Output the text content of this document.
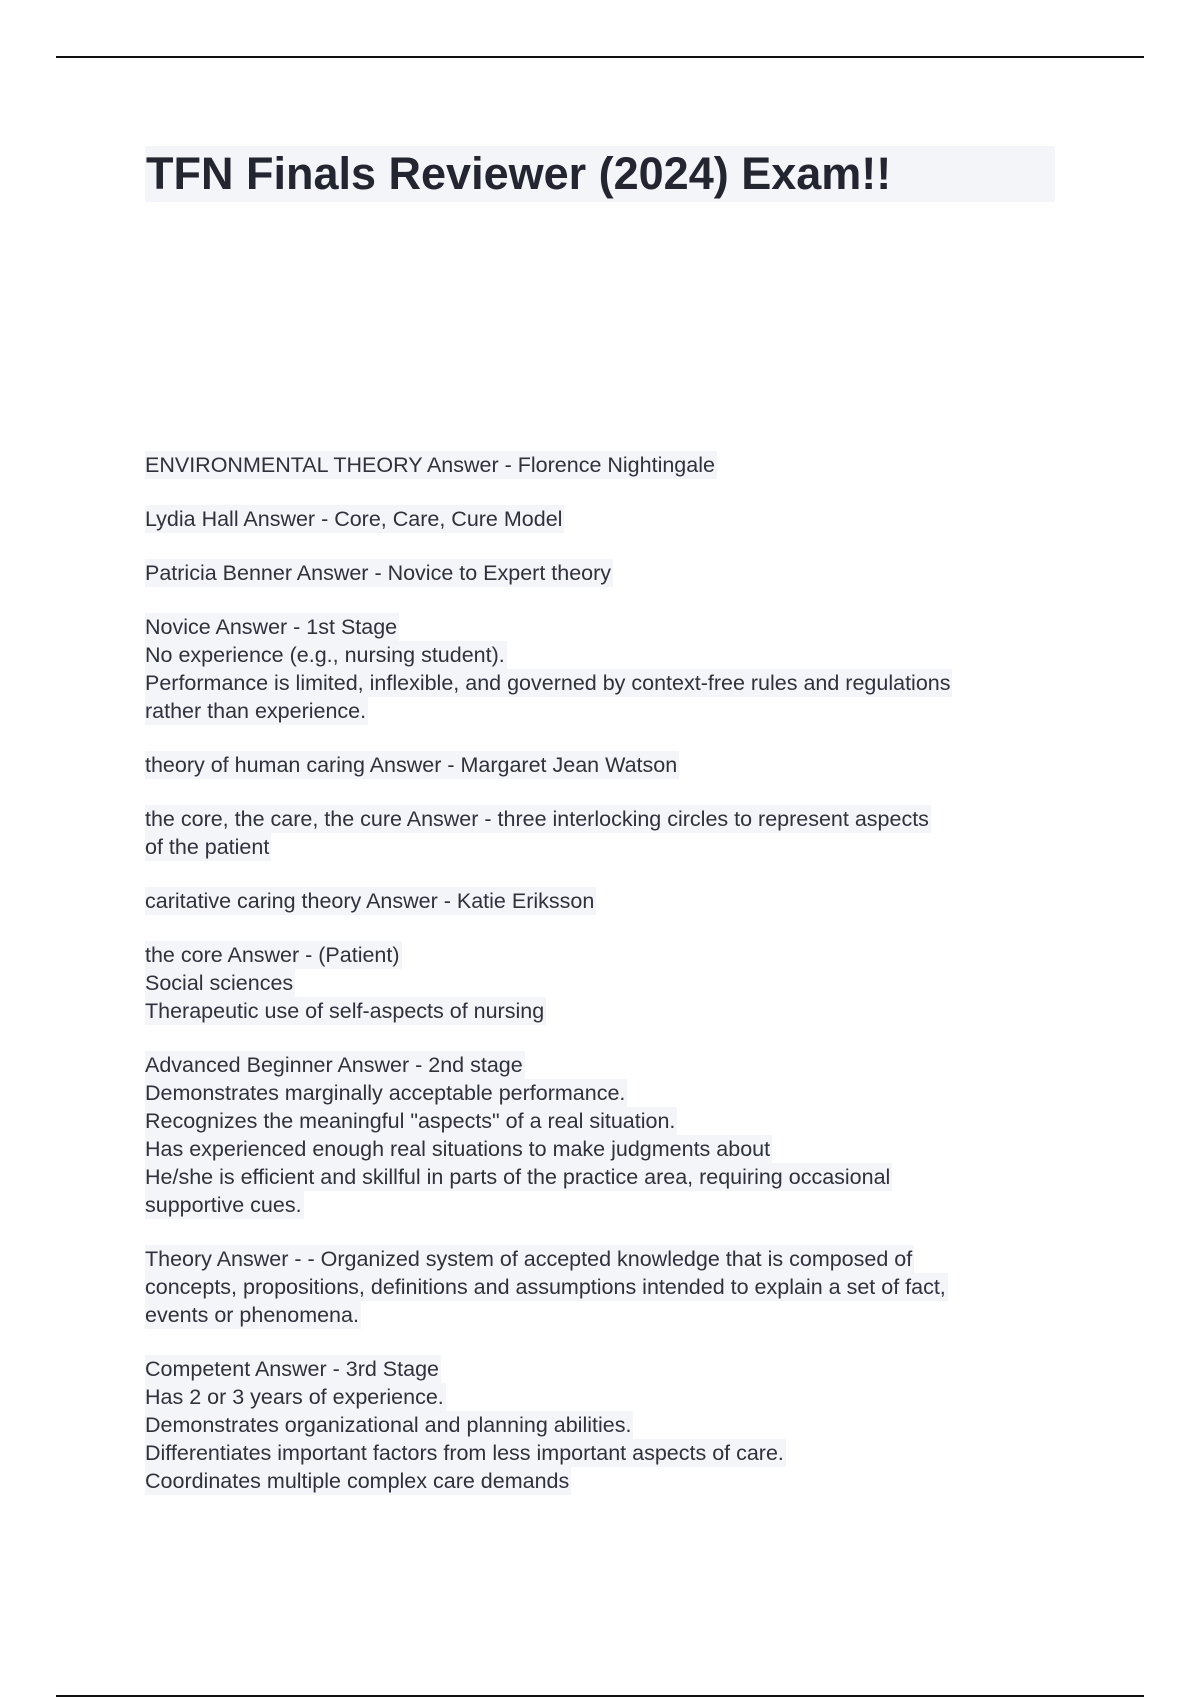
TFN Finals Reviewer (2024) Exam!!
ENVIRONMENTAL THEORY Answer - Florence Nightingale
Lydia Hall Answer - Core, Care, Cure Model
Patricia Benner Answer - Novice to Expert theory
Novice Answer - 1st Stage
No experience (e.g., nursing student).
Performance is limited, inflexible, and governed by context-free rules and regulations
rather than experience.
theory of human caring Answer - Margaret Jean Watson
the core, the care, the cure Answer - three interlocking circles to represent aspects
of the patient
caritative caring theory Answer - Katie Eriksson
the core Answer - (Patient)
Social sciences
Therapeutic use of self-aspects of nursing
Advanced Beginner Answer - 2nd stage
Demonstrates marginally acceptable performance.
Recognizes the meaningful "aspects" of a real situation.
Has experienced enough real situations to make judgments about
He/she is efficient and skillful in parts of the practice area, requiring occasional
supportive cues.
Theory Answer - - Organized system of accepted knowledge that is composed of
concepts, propositions, definitions and assumptions intended to explain a set of fact,
events or phenomena.
Competent Answer - 3rd Stage
Has 2 or 3 years of experience.
Demonstrates organizational and planning abilities.
Differentiates important factors from less important aspects of care.
Coordinates multiple complex care demands
